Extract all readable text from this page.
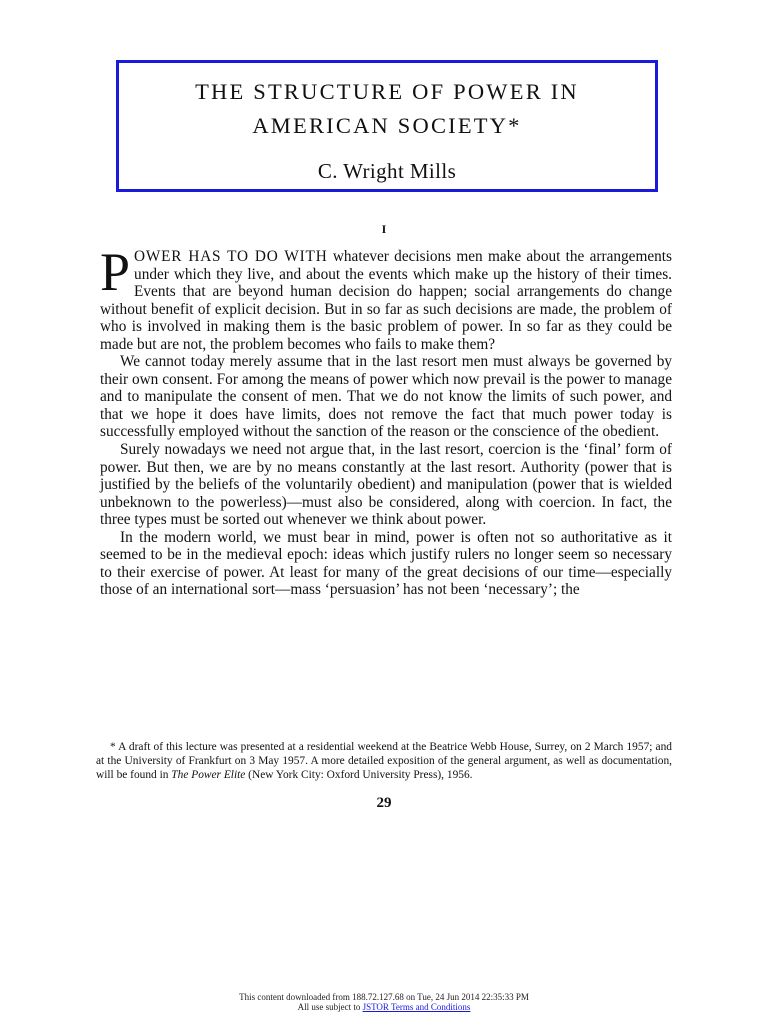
THE STRUCTURE OF POWER IN
AMERICAN SOCIETY*
C. Wright Mills
I

POWER HAS TO DO WITH whatever decisions men make about the arrangements under which they live, and about the events which make up the history of their times. Events that are beyond human decision do happen; social arrangements do change without benefit of explicit decision. But in so far as such decisions are made, the problem of who is involved in making them is the basic problem of power. In so far as they could be made but are not, the problem becomes who fails to make them?

We cannot today merely assume that in the last resort men must always be governed by their own consent. For among the means of power which now prevail is the power to manage and to manipulate the consent of men. That we do not know the limits of such power, and that we hope it does have limits, does not remove the fact that much power today is successfully employed without the sanction of the reason or the conscience of the obedient.

Surely nowadays we need not argue that, in the last resort, coercion is the ‘final’ form of power. But then, we are by no means constantly at the last resort. Authority (power that is justified by the beliefs of the voluntarily obedient) and manipulation (power that is wielded unbeknown to the powerless)—must also be considered, along with coercion. In fact, the three types must be sorted out whenever we think about power.

In the modern world, we must bear in mind, power is often not so authoritative as it seemed to be in the medieval epoch: ideas which justify rulers no longer seem so necessary to their exercise of power. At least for many of the great decisions of our time—especially those of an international sort—mass ‘persuasion’ has not been ‘necessary’; the

* A draft of this lecture was presented at a residential weekend at the Beatrice Webb House, Surrey, on 2 March 1957; and at the University of Frankfurt on 3 May 1957. A more detailed exposition of the general argument, as well as documentation, will be found in The Power Elite (New York City: Oxford University Press), 1956.

29
This content downloaded from 188.72.127.68 on Tue, 24 Jun 2014 22:35:33 PM
All use subject to JSTOR Terms and Conditions
